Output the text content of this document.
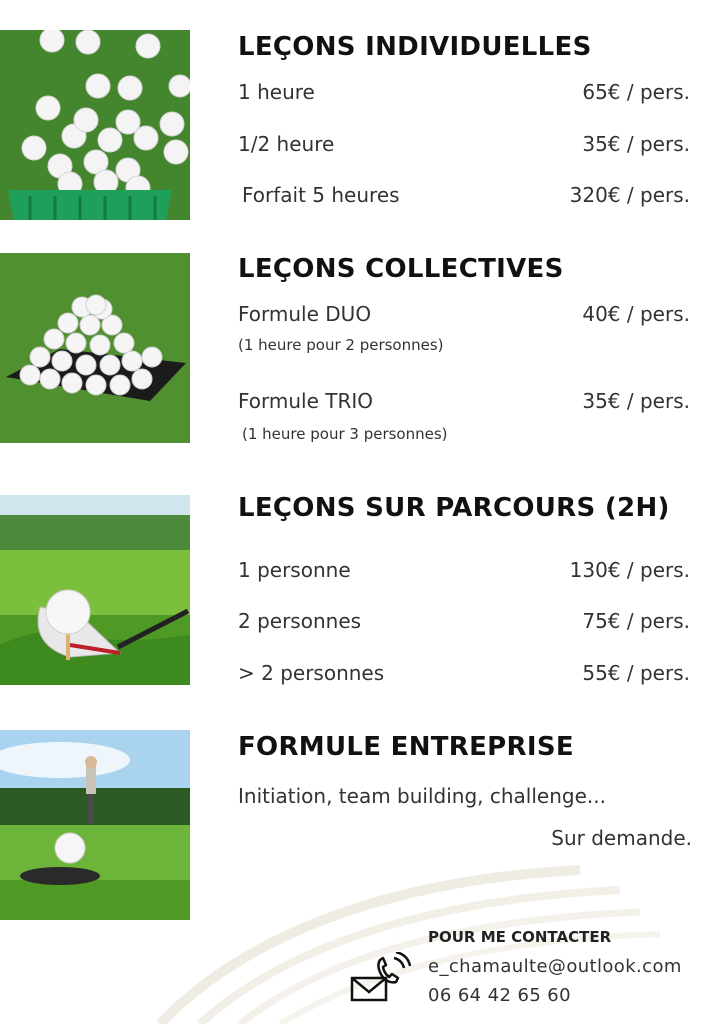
LEÇONS INDIVIDUELLES
1 heure	65€ / pers.
1/2 heure	35€ / pers.
Forfait 5 heures	320€ / pers.
LEÇONS COLLECTIVES
Formule DUO	40€ / pers.
(1 heure pour 2 personnes)
Formule TRIO	35€ / pers.
(1 heure pour 3 personnes)
LEÇONS SUR PARCOURS (2H)
1 personne	130€ / pers.
2 personnes	75€ / pers.
> 2 personnes	55€ / pers.
FORMULE ENTREPRISE
Initiation, team building, challenge...
Sur demande.
POUR ME CONTACTER
e_chamaulte@outlook.com
06 64 42 65 60
